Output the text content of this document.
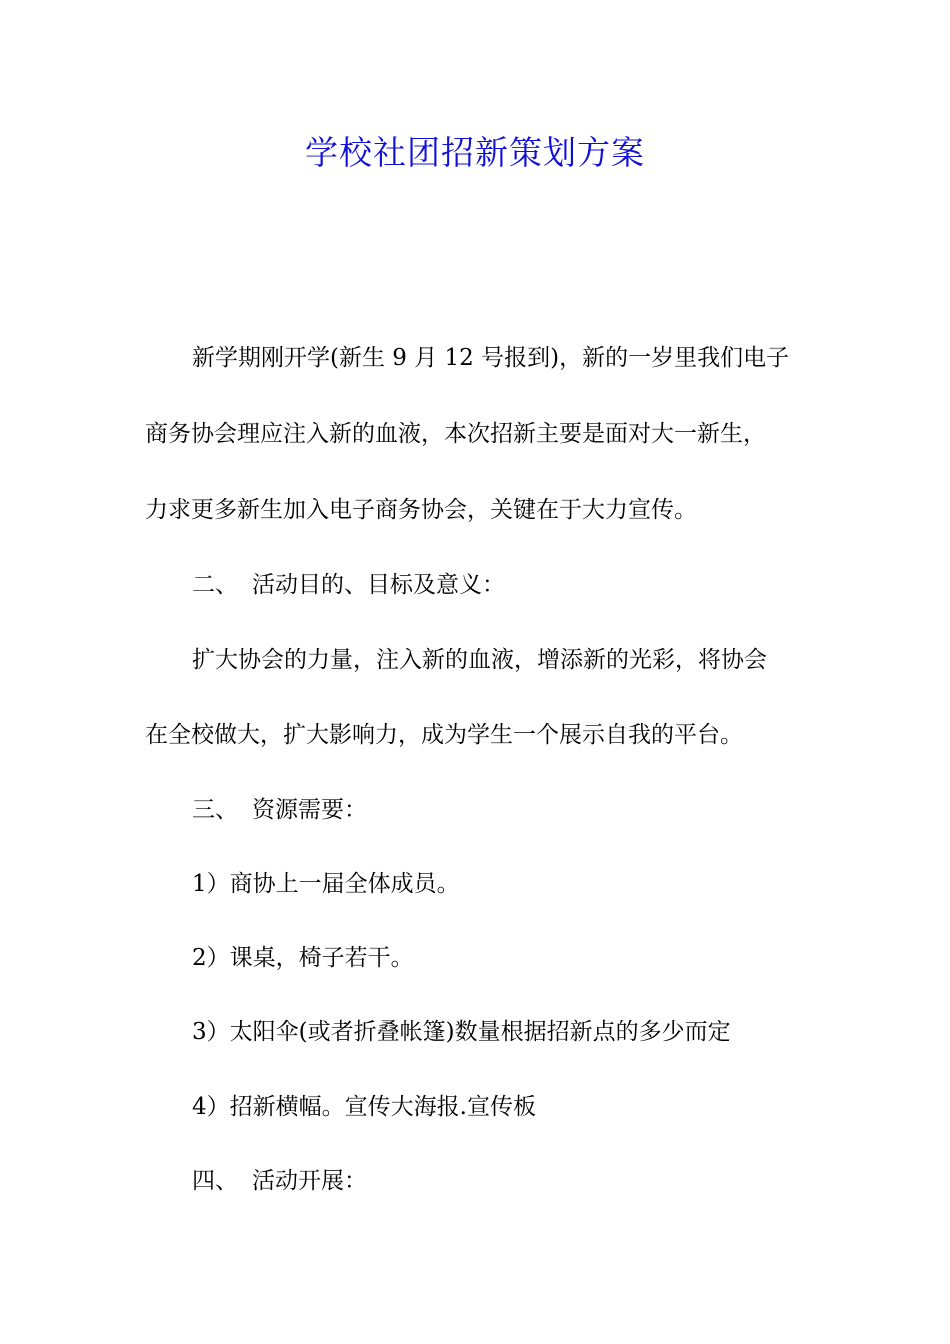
学校社团招新策划方案
新学期刚开学(新生 9 月 12 号报到)，新的一岁里我们电子
商务协会理应注入新的血液，本次招新主要是面对大一新生，
力求更多新生加入电子商务协会，关键在于大力宣传。
二、 活动目的、目标及意义：
扩大协会的力量，注入新的血液，增添新的光彩，将协会
在全校做大，扩大影响力，成为学生一个展示自我的平台。
三、 资源需要：
1）商协上一届全体成员。
2）课桌，椅子若干。
3）太阳伞(或者折叠帐篷)数量根据招新点的多少而定
4）招新横幅。宣传大海报.宣传板
四、 活动开展：
